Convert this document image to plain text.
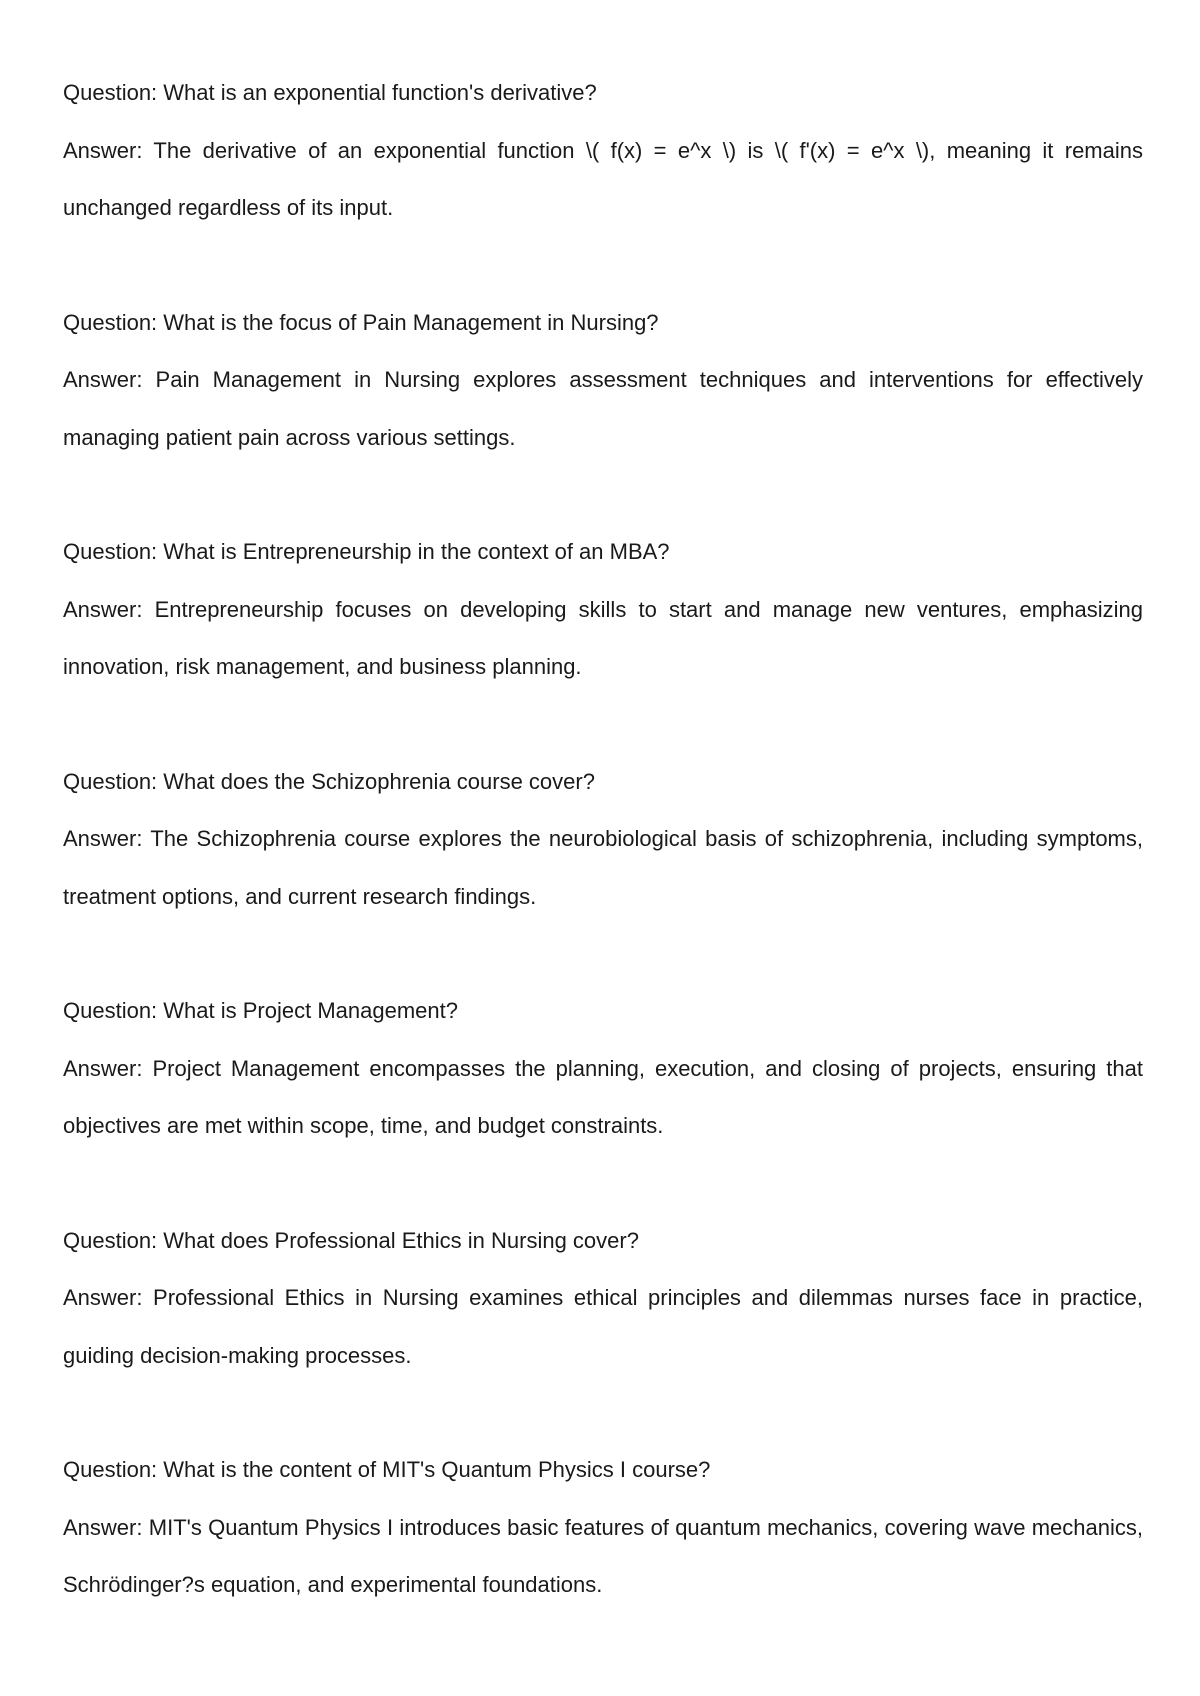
Question: What is an exponential function's derivative?

Answer: The derivative of an exponential function \( f(x) = e^x \) is \( f'(x) = e^x \), meaning it remains unchanged regardless of its input.

Question: What is the focus of Pain Management in Nursing?

Answer: Pain Management in Nursing explores assessment techniques and interventions for effectively managing patient pain across various settings.

Question: What is Entrepreneurship in the context of an MBA?

Answer: Entrepreneurship focuses on developing skills to start and manage new ventures, emphasizing innovation, risk management, and business planning.

Question: What does the Schizophrenia course cover?

Answer: The Schizophrenia course explores the neurobiological basis of schizophrenia, including symptoms, treatment options, and current research findings.

Question: What is Project Management?

Answer: Project Management encompasses the planning, execution, and closing of projects, ensuring that objectives are met within scope, time, and budget constraints.

Question: What does Professional Ethics in Nursing cover?

Answer: Professional Ethics in Nursing examines ethical principles and dilemmas nurses face in practice, guiding decision-making processes.

Question: What is the content of MIT's Quantum Physics I course?

Answer: MIT's Quantum Physics I introduces basic features of quantum mechanics, covering wave mechanics, Schrödinger?s equation, and experimental foundations.
